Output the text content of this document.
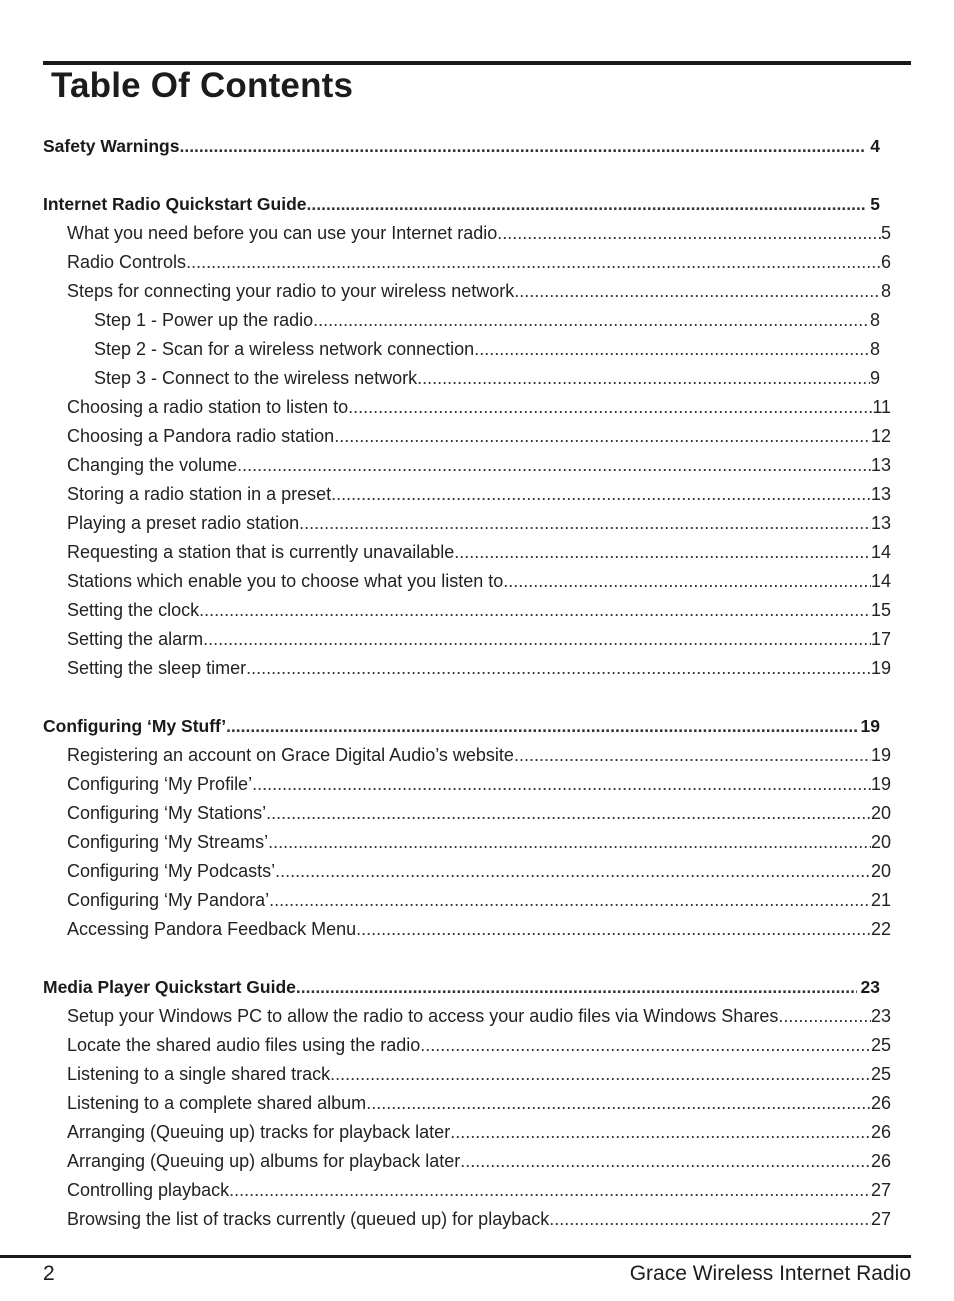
Table Of Contents
Safety Warnings .....	4
Internet Radio Quickstart Guide .....	5
What you need before you can use your Internet radio .....	5
Radio Controls .....	6
Steps for connecting your radio to your wireless network .....	8
Step 1 - Power up the radio .....	8
Step 2 - Scan for a wireless network connection .....	8
Step 3 - Connect to the wireless network .....	9
Choosing a radio station to listen to .....	11
Choosing a Pandora radio station .....	12
Changing the volume .....	13
Storing a radio station in a preset .....	13
Playing a preset radio station .....	13
Requesting a station that is currently unavailable .....	14
Stations which enable you to choose what you listen to .....	14
Setting the clock .....	15
Setting the alarm .....	17
Setting the sleep timer .....	19
Configuring ‘My Stuff’ .....	19
Registering an account on Grace Digital Audio’s website .....	19
Configuring ‘My Profile’ .....	19
Configuring ‘My Stations’ .....	20
Configuring ‘My Streams’ .....	20
Configuring ‘My Podcasts’ .....	20
Configuring ‘My Pandora’ .....	21
Accessing Pandora Feedback Menu .....	22
Media Player Quickstart Guide .....	23
Setup your Windows PC to allow the radio to access your audio files via Windows Shares .....	23
Locate the shared audio files using the radio .....	25
Listening to a single shared track .....	25
Listening to a complete shared album .....	26
Arranging (Queuing up) tracks for playback later .....	26
Arranging (Queuing up) albums for playback later .....	26
Controlling playback .....	27
Browsing the list of tracks currently (queued up) for playback .....	27
2	Grace Wireless Internet Radio
